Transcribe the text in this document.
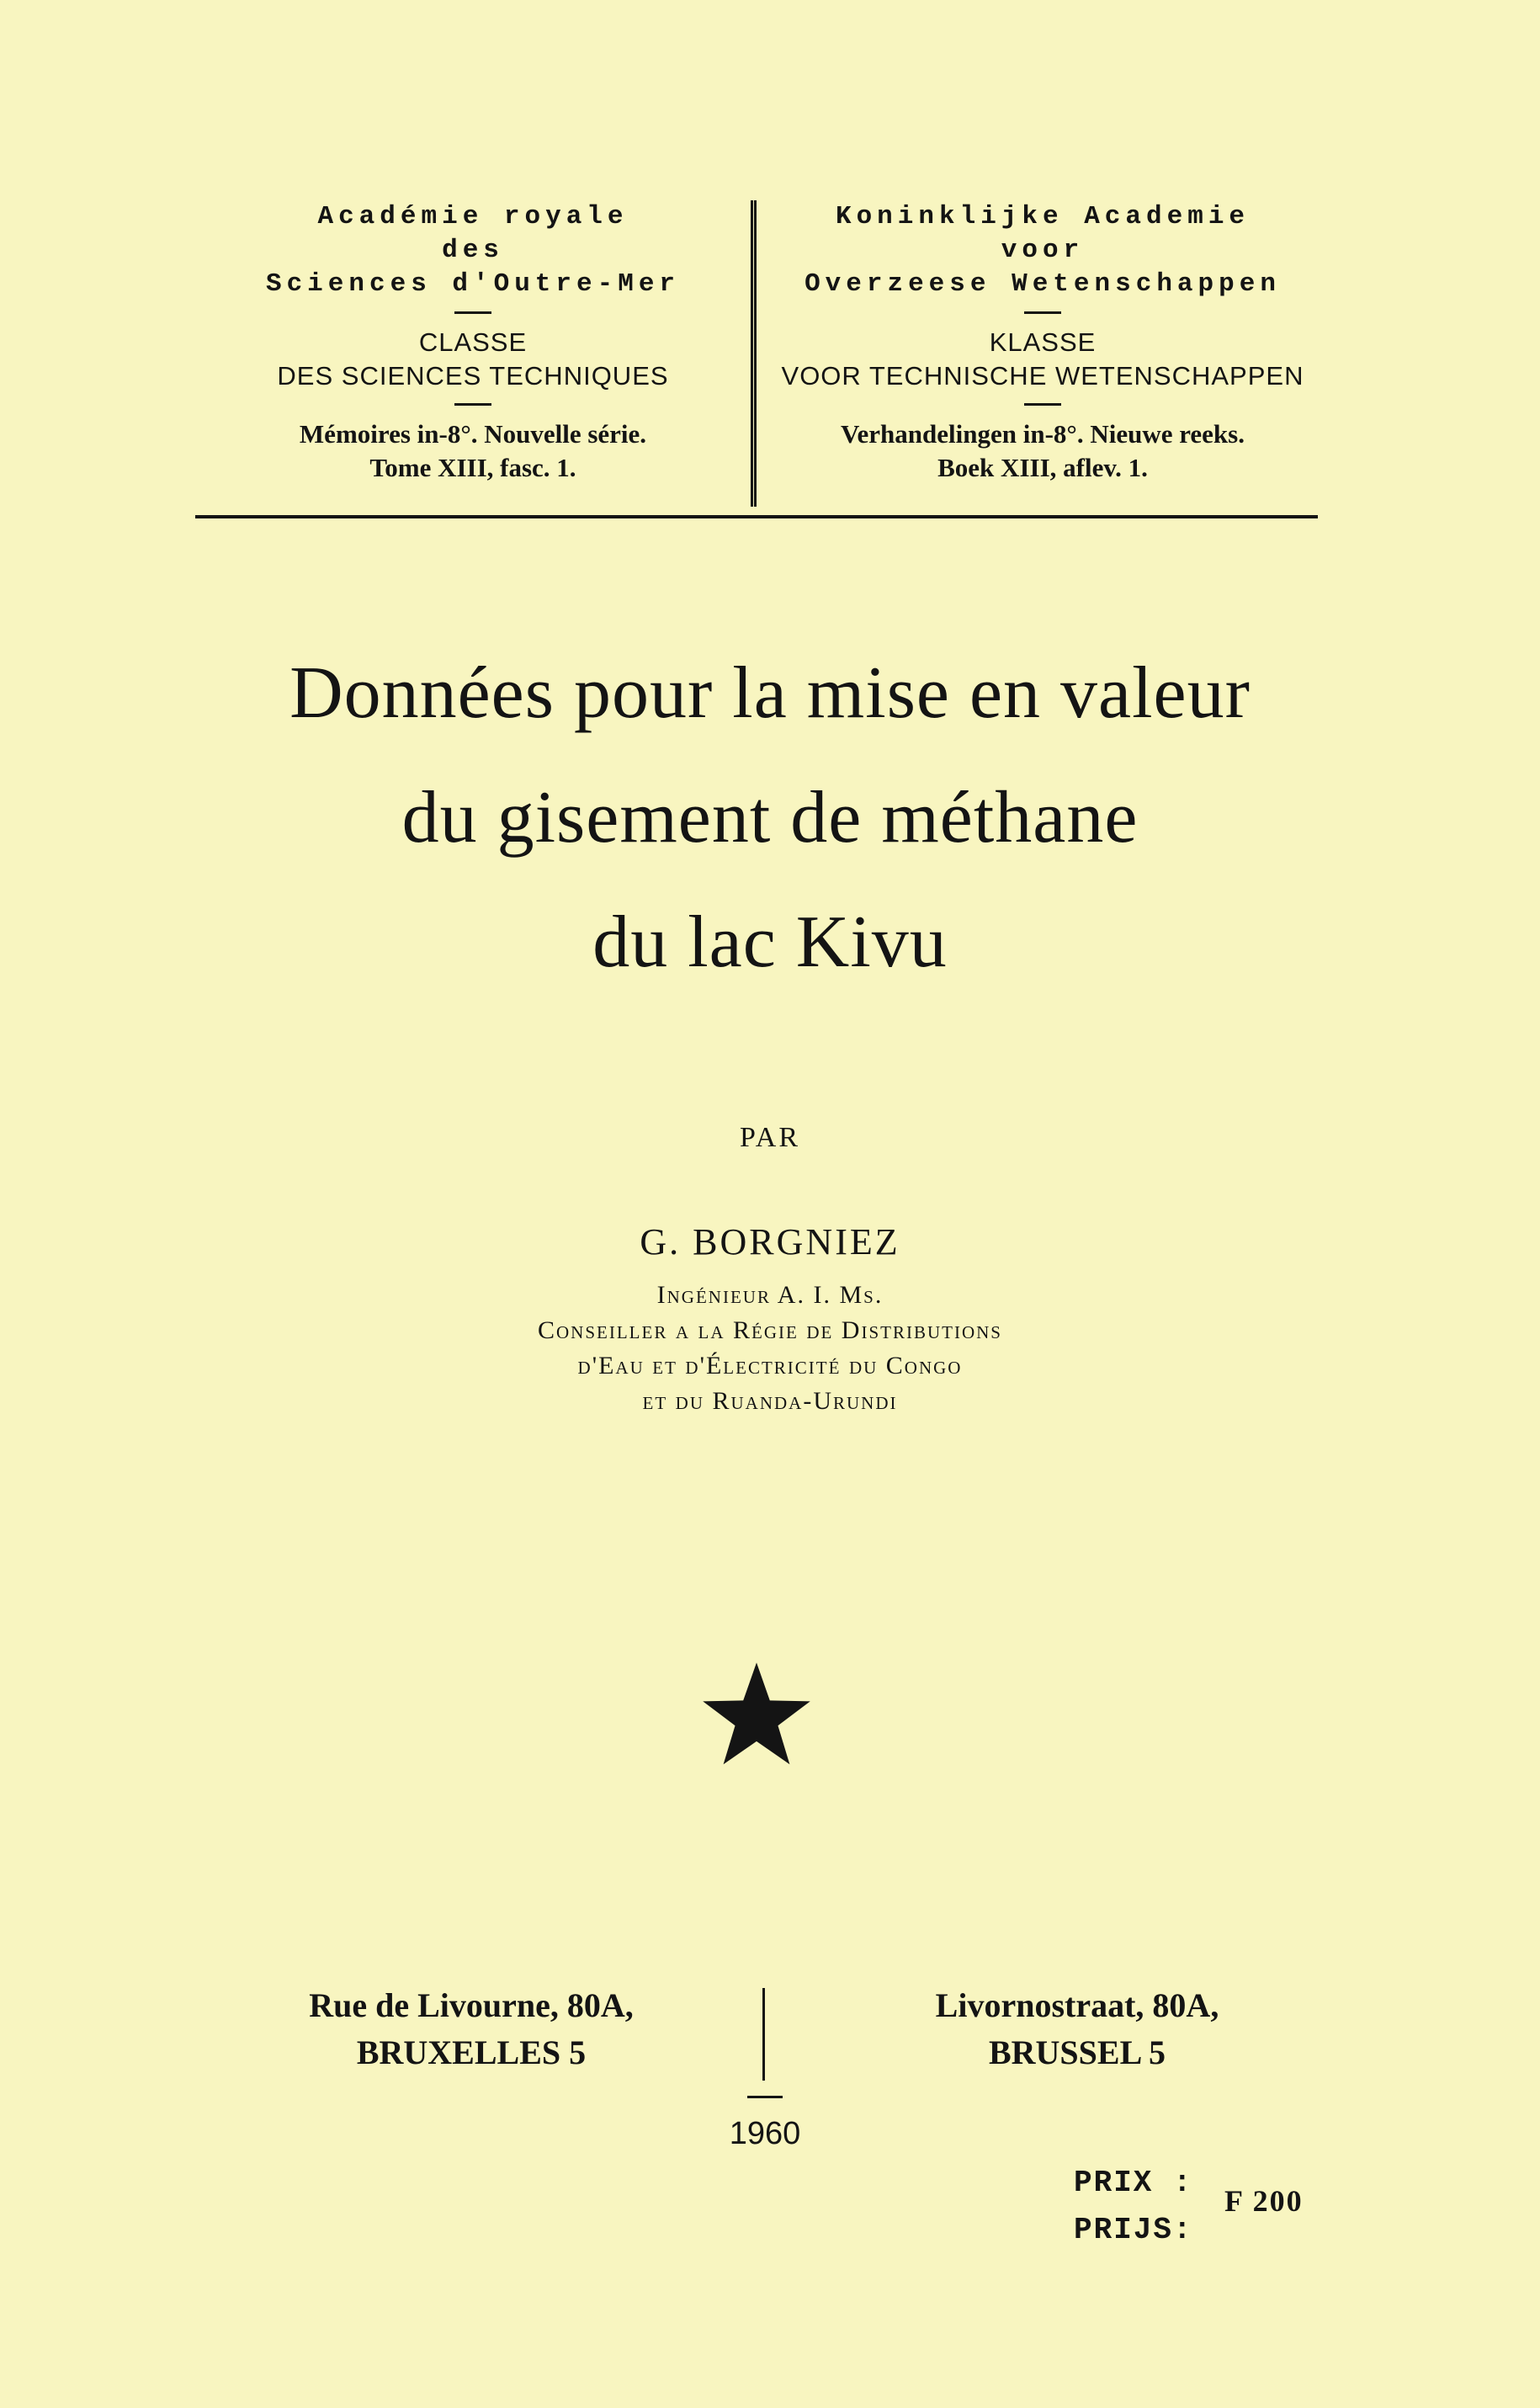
Académie royale
des
Sciences d'Outre-Mer
CLASSE
DES SCIENCES TECHNIQUES
Mémoires in-8°. Nouvelle série.
Tome XIII, fasc. 1.
Koninklijke Academie
voor
Overzeese Wetenschappen
KLASSE
VOOR TECHNISCHE WETENSCHAPPEN
Verhandelingen in-8°. Nieuwe reeks.
Boek XIII, aflev. 1.
Données pour la mise en valeur
du gisement de méthane
du lac Kivu
PAR
G. BORGNIEZ
Ingénieur A. I. Ms.
Conseiller a la Régie de Distributions
d'Eau et d'Électricité du Congo
et du Ruanda-Urundi
Rue de Livourne, 80A,
BRUXELLES 5
Livornostraat, 80A,
BRUSSEL 5
1960
PRIX :
PRIJS:
F 200
